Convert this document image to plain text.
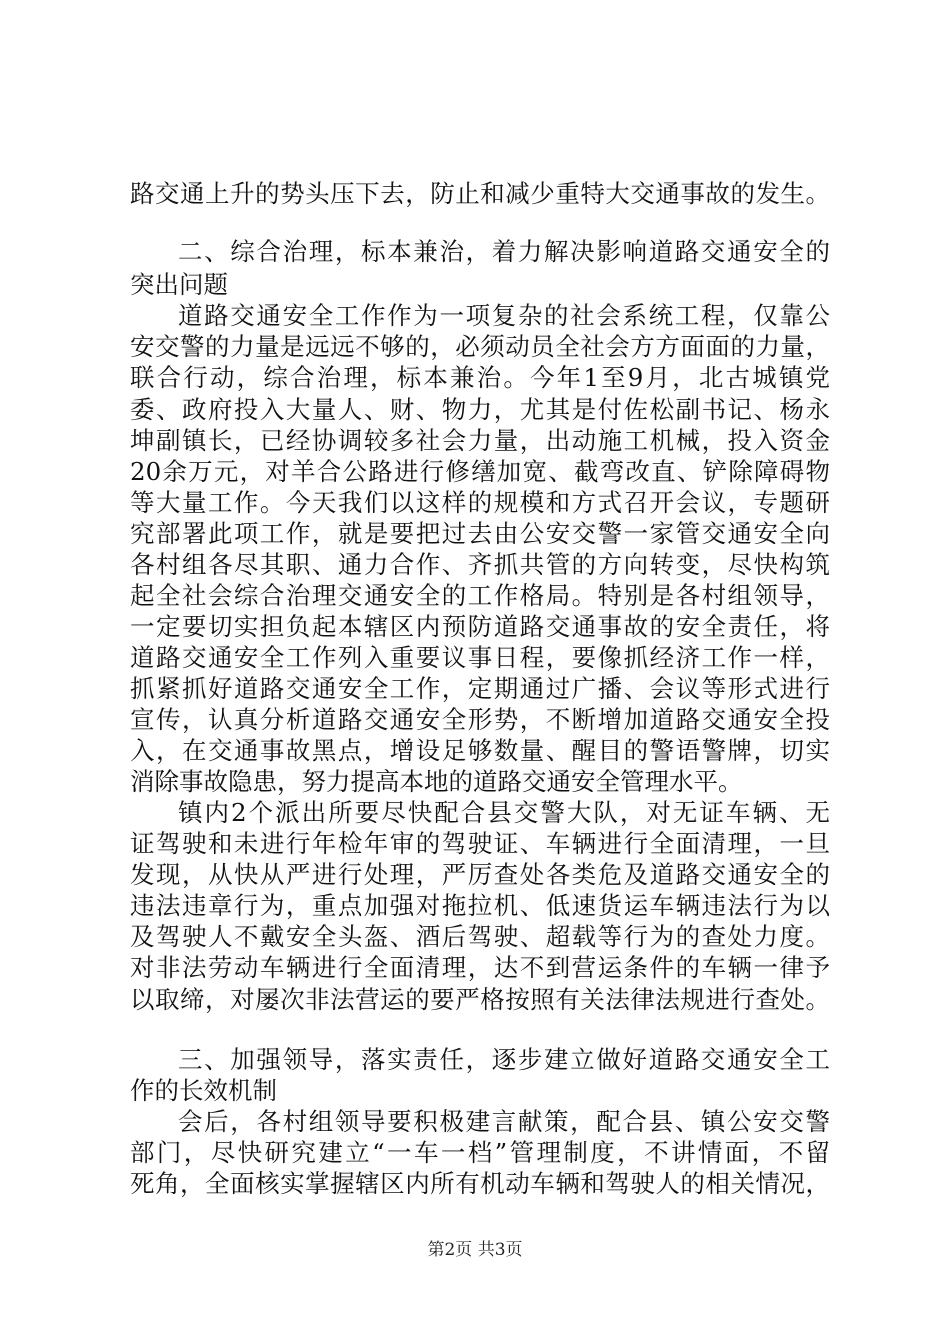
路交通上升的势头压下去，防止和减少重特大交通事故的发生。
二、综合治理，标本兼治，着力解决影响道路交通安全的
突出问题
道路交通安全工作作为一项复杂的社会系统工程，仅靠公
安交警的力量是远远不够的，必须动员全社会方方面面的力量，
联合行动，综合治理，标本兼治。今年1至9月，北古城镇党
委、政府投入大量人、财、物力，尤其是付佐松副书记、杨永
坤副镇长，已经协调较多社会力量，出动施工机械，投入资金
20余万元，对羊合公路进行修缮加宽、截弯改直、铲除障碍物
等大量工作。今天我们以这样的规模和方式召开会议，专题研
究部署此项工作，就是要把过去由公安交警一家管交通安全向
各村组各尽其职、通力合作、齐抓共管的方向转变，尽快构筑
起全社会综合治理交通安全的工作格局。特别是各村组领导，
一定要切实担负起本辖区内预防道路交通事故的安全责任，将
道路交通安全工作列入重要议事日程，要像抓经济工作一样，
抓紧抓好道路交通安全工作，定期通过广播、会议等形式进行
宣传，认真分析道路交通安全形势，不断增加道路交通安全投
入，在交通事故黑点，增设足够数量、醒目的警语警牌，切实
消除事故隐患，努力提高本地的道路交通安全管理水平。
镇内2个派出所要尽快配合县交警大队，对无证车辆、无
证驾驶和未进行年检年审的驾驶证、车辆进行全面清理，一旦
发现，从快从严进行处理，严厉查处各类危及道路交通安全的
违法违章行为，重点加强对拖拉机、低速货运车辆违法行为以
及驾驶人不戴安全头盔、酒后驾驶、超载等行为的查处力度。
对非法劳动车辆进行全面清理，达不到营运条件的车辆一律予
以取缔，对屡次非法营运的要严格按照有关法律法规进行查处。
三、加强领导，落实责任，逐步建立做好道路交通安全工
作的长效机制
会后，各村组领导要积极建言献策，配合县、镇公安交警
部门，尽快研究建立“一车一档”管理制度，不讲情面，不留
死角，全面核实掌握辖区内所有机动车辆和驾驶人的相关情况，
第2页 共3页
